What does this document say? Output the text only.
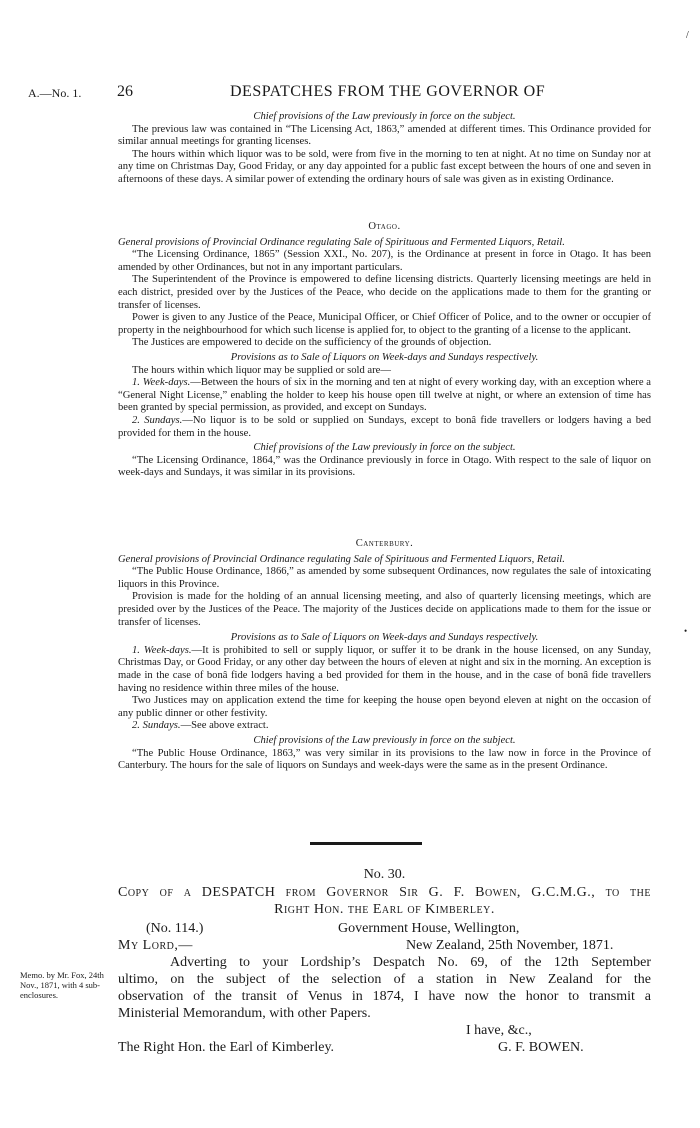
/
•
A.—No. 1. 26	DESPATCHES FROM THE GOVERNOR OF
Chief provisions of the Law previously in force on the subject.

The previous law was contained in “The Licensing Act, 1863,” amended at different times. This Ordinance provided for similar annual meetings for granting licenses.

The hours within which liquor was to be sold, were from five in the morning to ten at night. At no time on Sunday nor at any time on Christmas Day, Good Friday, or any day appointed for a public fast except between the hours of one and seven in afternoons of these days. A similar power of extending the ordinary hours of sale was given as in existing Ordinance.

Otago.
General provisions of Provincial Ordinance regulating Sale of Spirituous and Fermented Liquors, Retail.

“The Licensing Ordinance, 1865” (Session XXI., No. 207), is the Ordinance at present in force in Otago. It has been amended by other Ordinances, but not in any important particulars.

The Superintendent of the Province is empowered to define licensing districts. Quarterly licensing meetings are held in each district, presided over by the Justices of the Peace, who decide on the applications made to them for the granting or transfer of licenses.

Power is given to any Justice of the Peace, Municipal Officer, or Chief Officer of Police, and to the owner or occupier of property in the neighbourhood for which such license is applied for, to object to the granting of a license to the applicant.

The Justices are empowered to decide on the sufficiency of the grounds of objection.

Provisions as to Sale of Liquors on Week-days and Sundays respectively.

The hours within which liquor may be supplied or sold are—

1. Week-days.—Between the hours of six in the morning and ten at night of every working day, with an exception where a “General Night License,” enabling the holder to keep his house open till twelve at night, or where an extension of time has been granted by special permission, as provided, and except on Sundays.

2. Sundays.—No liquor is to be sold or supplied on Sundays, except to bonâ fide travellers or lodgers having a bed provided for them in the house.

Chief provisions of the Law previously in force on the subject.

“The Licensing Ordinance, 1864,” was the Ordinance previously in force in Otago. With respect to the sale of liquor on week-days and Sundays, it was similar in its provisions.

Canterbury.
General provisions of Provincial Ordinance regulating Sale of Spirituous and Fermented Liquors, Retail.

“The Public House Ordinance, 1866,” as amended by some subsequent Ordinances, now regulates the sale of intoxicating liquors in this Province.

Provision is made for the holding of an annual licensing meeting, and also of quarterly licensing meetings, which are presided over by the Justices of the Peace. The majority of the Justices decide on applications made to them for the issue or transfer of licenses.

Provisions as to Sale of Liquors on Week-days and Sundays respectively.

1. Week-days.—It is prohibited to sell or supply liquor, or suffer it to be drank in the house licensed, on any Sunday, Christmas Day, or Good Friday, or any other day between the hours of eleven at night and six in the morning. An exception is made in the case of bonâ fide lodgers having a bed provided for them in the house, and in the case of bonâ fide travellers having no residence within three miles of the house.

Two Justices may on application extend the time for keeping the house open beyond eleven at night on the occasion of any public dinner or other festivity.

2. Sundays.—See above extract.

Chief provisions of the Law previously in force on the subject.

“The Public House Ordinance, 1863,” was very similar in its provisions to the law now in force in the Province of Canterbury. The hours for the sale of liquors on Sundays and week-days were the same as in the present Ordinance.

No. 30.
Copy of a DESPATCH from Governor Sir G. F. Bowen, G.C.M.G., to the
Right Hon. the Earl of Kimberley.
(No. 114.)	Government House, Wellington,
My Lord,—	New Zealand, 25th November, 1871.
Adverting to your Lordship’s Despatch No. 69, of the 12th September
ultimo, on the subject of the selection of a station in New Zealand for the
observation of the transit of Venus in 1874, I have now the honor to transmit a
Ministerial Memorandum, with other Papers.
I have, &c.,
The Right Hon. the Earl of Kimberley.	G. F. BOWEN.
Memo. by Mr. Fox, 24th Nov., 1871, with 4 sub-enclosures.
